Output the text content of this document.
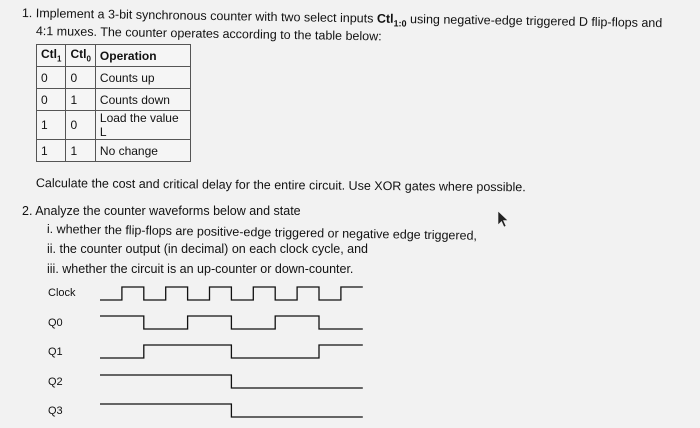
1. Implement a 3-bit synchronous counter with two select inputs Ctl$_{1:0}$ using negative-edge triggered D flip-flops and
4:1 muxes. The counter operates according to the table below:
Ctl$_1$	Ctl$_0$	Operation
0	0	Counts up
0	1	Counts down
1	0	Load the value L
1	1	No change
Calculate the cost and critical delay for the entire circuit. Use XOR gates where possible.
2. Analyze the counter waveforms below and state
i. whether the flip-flops are positive-edge triggered or negative edge triggered,
ii. the counter output (in decimal) on each clock cycle, and
iii. whether the circuit is an up-counter or down-counter.
Clock
Q0
Q1
Q2
Q3
